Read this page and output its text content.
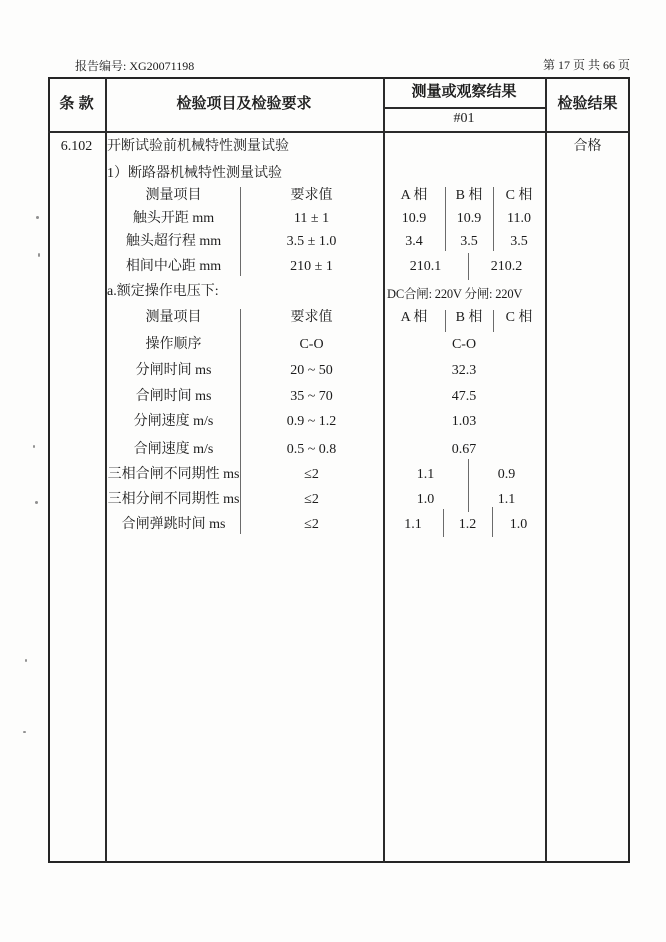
报告编号: XG20071198	第 17 页 共 66 页
条 款	检验项目及检验要求
测量或观察结果
#01
检验结果
6.102	合格
开断试验前机械特性测量试验
1）断路器机械特性测量试验
测量项目	要求值	A 相	B 相	C 相
触头开距 mm	11 ± 1	10.9	10.9	11.0
触头超行程 mm	3.5 ± 1.0	3.4	3.5	3.5
相间中心距 mm	210 ± 1	210.1	210.2
a.额定操作电压下:	DC合闸: 220V 分闸: 220V
测量项目	要求值	A 相	B 相	C 相
操作顺序	C-O	C-O
分闸时间 ms	20 ~ 50	32.3
合闸时间 ms	35 ~ 70	47.5
分闸速度 m/s	0.9 ~ 1.2	1.03
合闸速度 m/s	0.5 ~ 0.8	0.67
三相合闸不同期性 ms	≤2	1.1	0.9
三相分闸不同期性 ms	≤2	1.0	1.1
合闸弹跳时间 ms	≤2	1.1	1.2	1.0
